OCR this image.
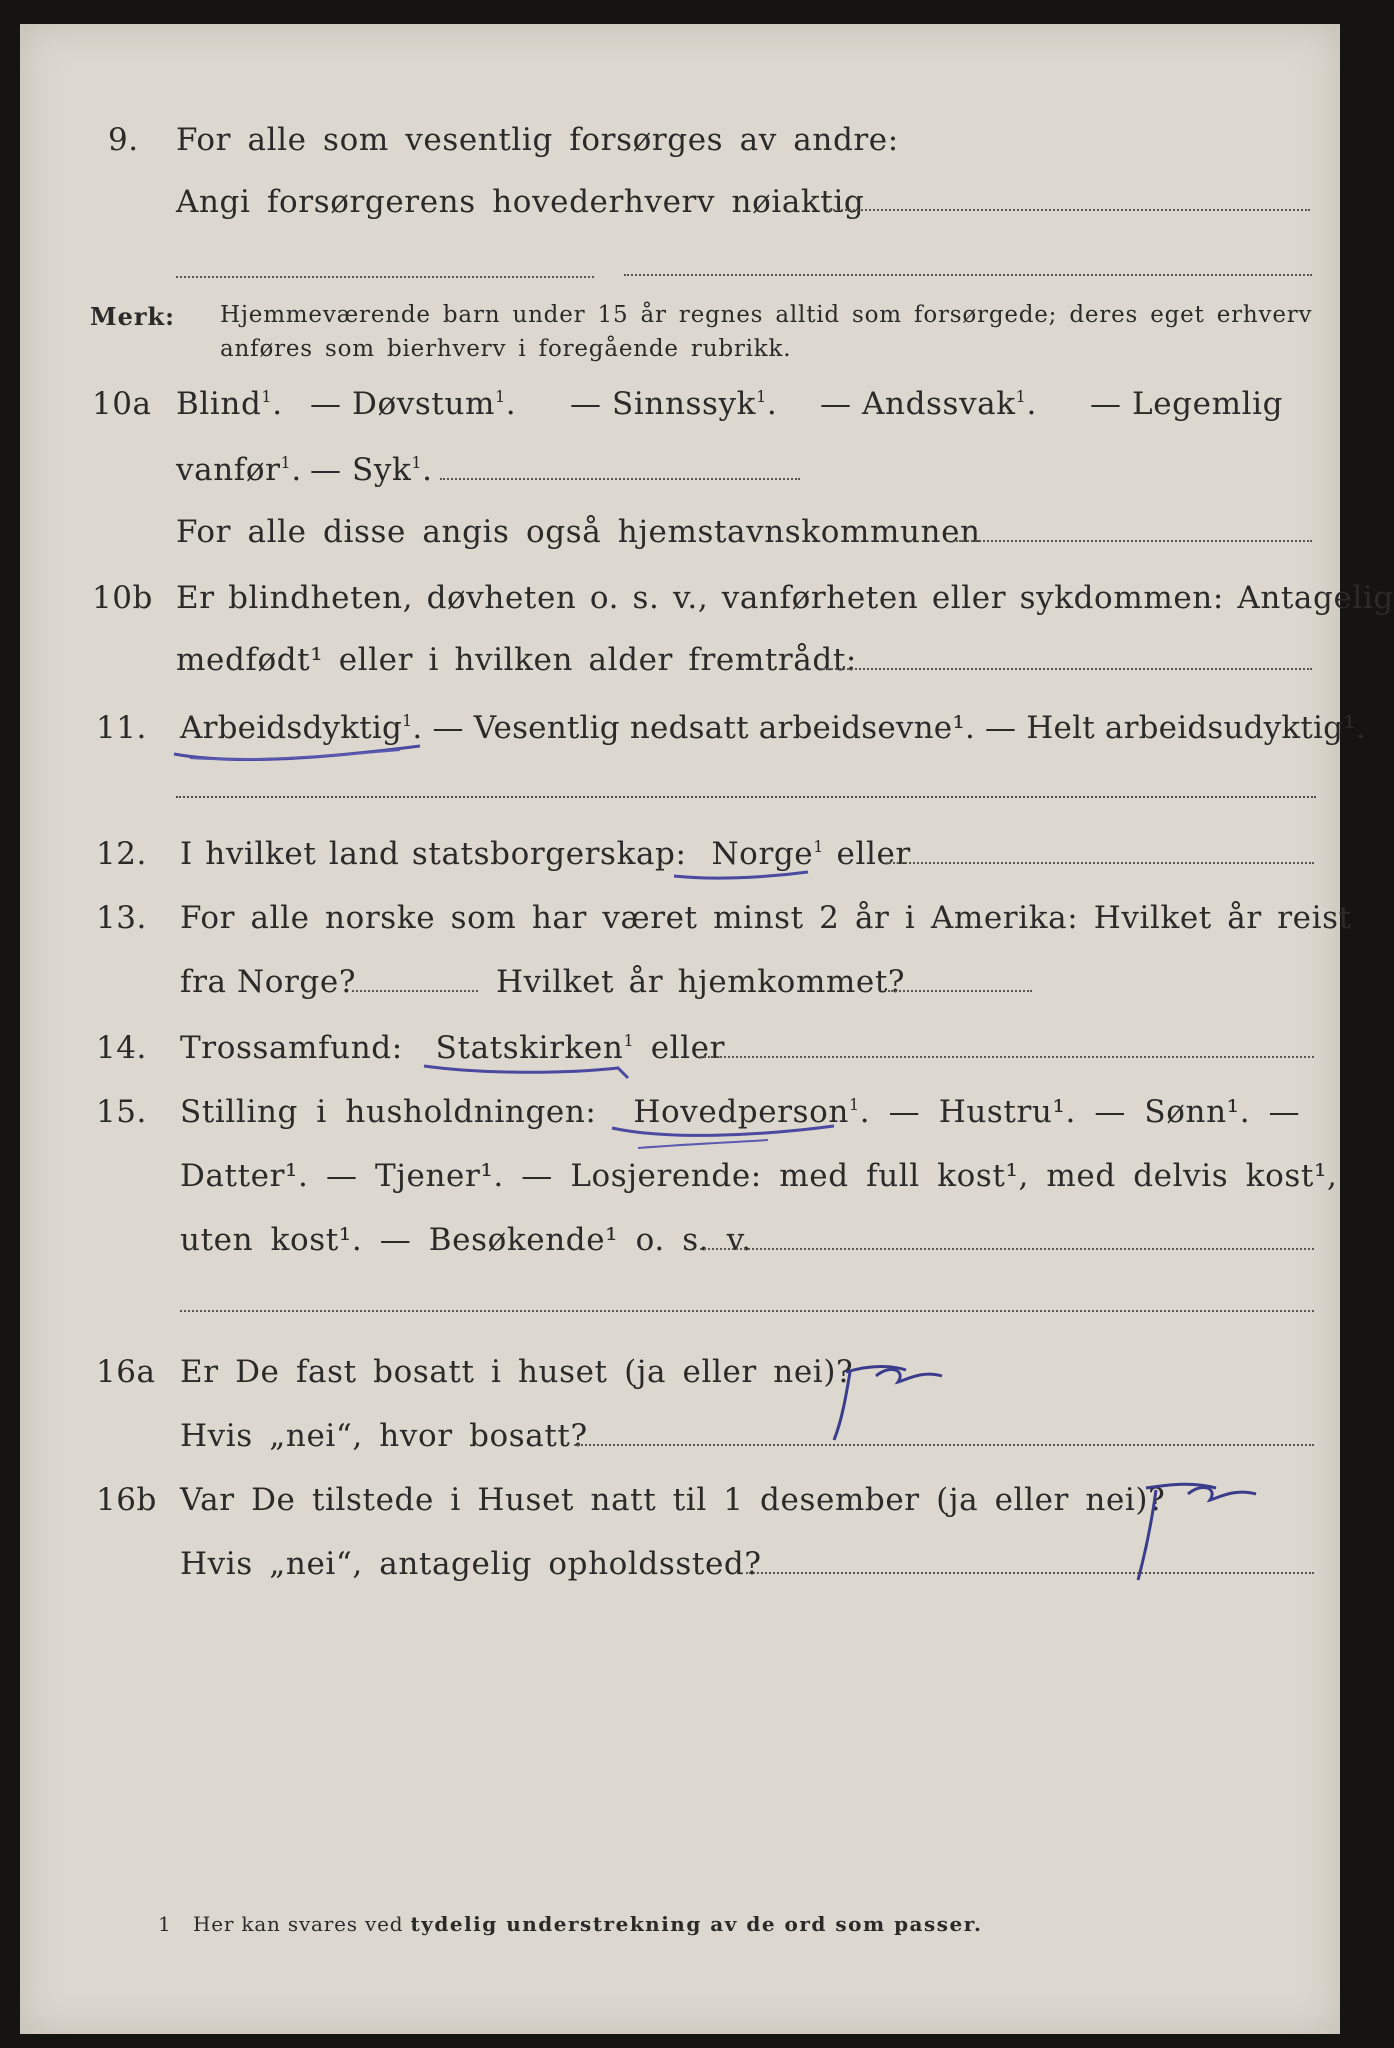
9. For alle som vesentlig forsørges av andre:
Angi forsørgerens hovederhverv nøiaktig
Merk: Hjemmeværende barn under 15 år regnes alltid som forsørgede; deres eget erhverv
anføres som bierhverv i foregående rubrikk.
10a Blind$^1$. — Døvstum$^1$. — Sinnssyk$^1$. — Andssvak$^1$. — Legemlig
vanfør$^1$. — Syk$^1$.
For alle disse angis også hjemstavnskommunen
10b Er blindheten, døvheten o. s. v., vanførheten eller sykdommen: Antagelig
medfødt¹ eller i hvilken alder fremtrådt:
11. Arbeidsdyktig$^1$. — Vesentlig nedsatt arbeidsevne¹. — Helt arbeidsudyktig¹.
12. I hvilket land statsborgerskap: Norge$^1$ eller
13. For alle norske som har været minst 2 år i Amerika: Hvilket år reist
fra Norge?	Hvilket år hjemkommet?
14. Trossamfund: Statskirken$^1$ eller
15. Stilling i husholdningen: Hovedperson$^1$. — Hustru¹. — Sønn¹. —
Datter¹. — Tjener¹. — Losjerende: med full kost¹, med delvis kost¹,
uten kost¹. — Besøkende¹ o. s. v.
16a Er De fast bosatt i huset (ja eller nei)?
ja
Hvis „nei“, hvor bosatt?
16b Var De tilstede i Huset natt til 1 desember (ja eller nei)?
Hvis „nei“, antagelig opholdssted?
1 Her kan svares ved tydelig understrekning av de ord som passer.
